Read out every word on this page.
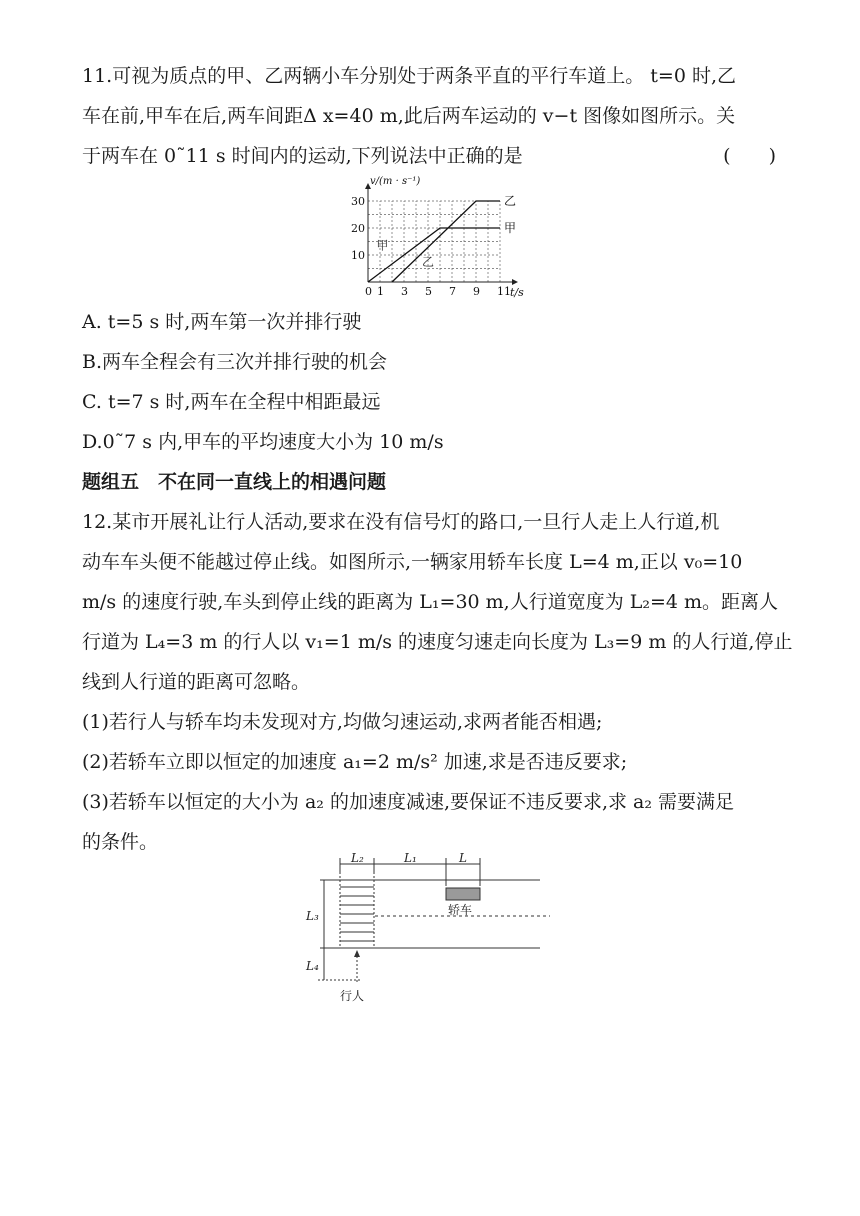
11.可视为质点的甲、乙两辆小车分别处于两条平直的平行车道上。 t=0 时,乙
车在前,甲车在后,两车间距Δ x=40 m,此后两车运动的 v−t 图像如图所示。关
于两车在 0˜11 s 时间内的运动,下列说法中正确的是	(　　)
甲
乙
甲
乙
0 1 3 5 7 9 11
10
20
30
t/s
v/(m · s⁻¹)
A. t=5 s 时,两车第一次并排行驶
B.两车全程会有三次并排行驶的机会
C. t=7 s 时,两车在全程中相距最远
D.0˜7 s 内,甲车的平均速度大小为 10 m/s
题组五　不在同一直线上的相遇问题
12.某市开展礼让行人活动,要求在没有信号灯的路口,一旦行人走上人行道,机
动车车头便不能越过停止线。如图所示,一辆家用轿车长度 L=4 m,正以 v₀=10
m/s 的速度行驶,车头到停止线的距离为 L₁=30 m,人行道宽度为 L₂=4 m。距离人
行道为 L₄=3 m 的行人以 v₁=1 m/s 的速度匀速走向长度为 L₃=9 m 的人行道,停止
线到人行道的距离可忽略。
(1)若行人与轿车均未发现对方,均做匀速运动,求两者能否相遇;
(2)若轿车立即以恒定的加速度 a₁=2 m/s² 加速,求是否违反要求;
(3)若轿车以恒定的大小为 a₂ 的加速度减速,要保证不违反要求,求 a₂ 需要满足
的条件。
L₂	L₁	L
L₃
L₄
轿车
行人
